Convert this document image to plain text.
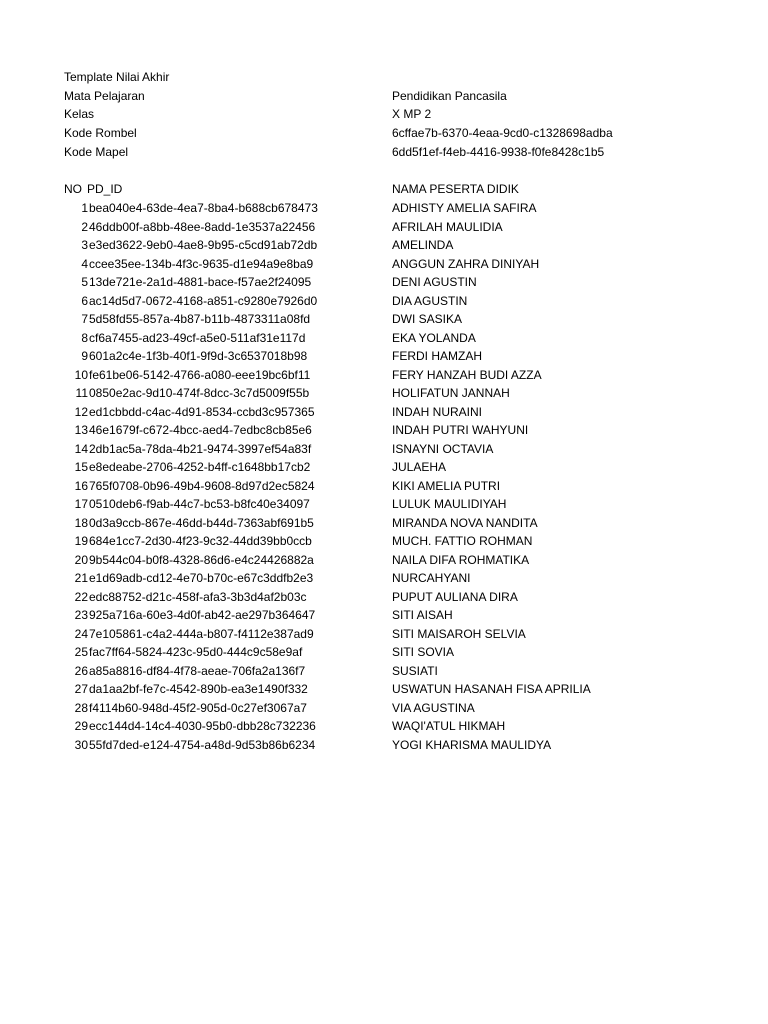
Template Nilai Akhir
Mata Pelajaran	Pendidikan Pancasila
Kelas	X MP 2
Kode Rombel	6cffae7b-6370-4eaa-9cd0-c1328698adba
Kode Mapel	6dd5f1ef-f4eb-4416-9938-f0fe8428c1b5
NO PD_ID	NAMA PESERTA DIDIK
1 bea040e4-63de-4ea7-8ba4-b688cb678473	ADHISTY AMELIA SAFIRA
2 46ddb00f-a8bb-48ee-8add-1e3537a22456	AFRILAH MAULIDIA
3 e3ed3622-9eb0-4ae8-9b95-c5cd91ab72db	AMELINDA
4 ccee35ee-134b-4f3c-9635-d1e94a9e8ba9	ANGGUN ZAHRA DINIYAH
5 13de721e-2a1d-4881-bace-f57ae2f24095	DENI AGUSTIN
6 ac14d5d7-0672-4168-a851-c9280e7926d0	DIA AGUSTIN
7 5d58fd55-857a-4b87-b11b-4873311a08fd	DWI SASIKA
8 cf6a7455-ad23-49cf-a5e0-511af31e117d	EKA YOLANDA
9 601a2c4e-1f3b-40f1-9f9d-3c6537018b98	FERDI HAMZAH
10 fe61be06-5142-4766-a080-eee19bc6bf11	FERY HANZAH BUDI AZZA
11 0850e2ac-9d10-474f-8dcc-3c7d5009f55b	HOLIFATUN JANNAH
12 ed1cbbdd-c4ac-4d91-8534-ccbd3c957365	INDAH NURAINI
13 46e1679f-c672-4bcc-aed4-7edbc8cb85e6	INDAH PUTRI WAHYUNI
14 2db1ac5a-78da-4b21-9474-3997ef54a83f	ISNAYNI OCTAVIA
15 e8edeabe-2706-4252-b4ff-c1648bb17cb2	JULAEHA
16 765f0708-0b96-49b4-9608-8d97d2ec5824	KIKI AMELIA PUTRI
17 0510deb6-f9ab-44c7-bc53-b8fc40e34097	LULUK MAULIDIYAH
18 0d3a9ccb-867e-46dd-b44d-7363abf691b5	MIRANDA NOVA NANDITA
19 684e1cc7-2d30-4f23-9c32-44dd39bb0ccb	MUCH. FATTIO ROHMAN
20 9b544c04-b0f8-4328-86d6-e4c24426882a	NAILA DIFA ROHMATIKA
21 e1d69adb-cd12-4e70-b70c-e67c3ddfb2e3	NURCAHYANI
22 edc88752-d21c-458f-afa3-3b3d4af2b03c	PUPUT AULIANA DIRA
23 925a716a-60e3-4d0f-ab42-ae297b364647	SITI AISAH
24 7e105861-c4a2-444a-b807-f4112e387ad9	SITI MAISAROH SELVIA
25 fac7ff64-5824-423c-95d0-444c9c58e9af	SITI SOVIA
26 a85a8816-df84-4f78-aeae-706fa2a136f7	SUSIATI
27 da1aa2bf-fe7c-4542-890b-ea3e1490f332	USWATUN HASANAH FISA APRILIA
28 f4114b60-948d-45f2-905d-0c27ef3067a7	VIA AGUSTINA
29 ecc144d4-14c4-4030-95b0-dbb28c732236	WAQI'ATUL HIKMAH
30 55fd7ded-e124-4754-a48d-9d53b86b6234	YOGI KHARISMA MAULIDYA
